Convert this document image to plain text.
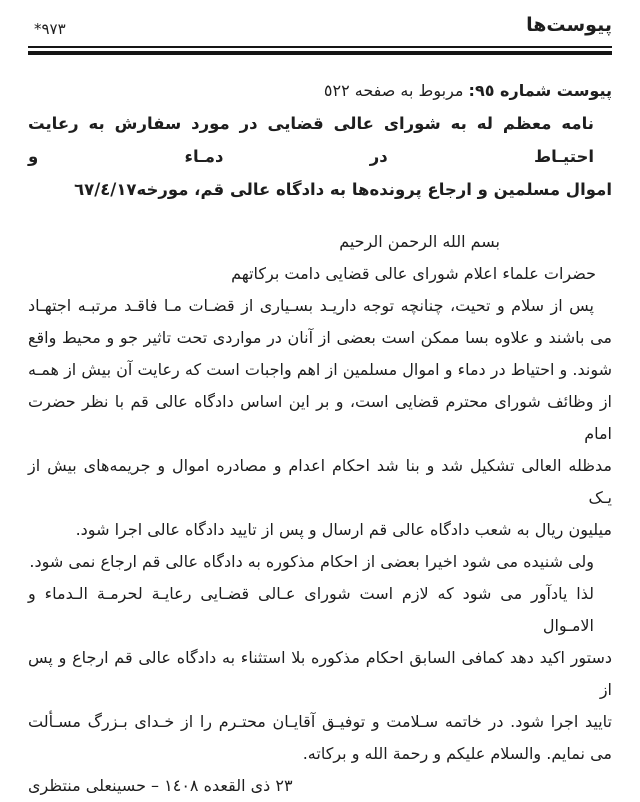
*٩٧٣	پیوست‌ها
پیوست شماره ٩٥: مربوط به صفحه ٥٢٢
نامه معظم له به شورای عالی قضایی در مورد سفارش به رعایت احتیـاط در دمـاء و
اموال مسلمین و ارجاع پرونده‌ها به دادگاه عالی قم، مورخه٦٧/٤/١٧
بسم الله الرحمن الرحیم
حضرات علماء اعلام شورای عالی قضایی دامت برکاتهم
پس از سلام و تحیت، چنانچه توجه داریـد بسـیاری از قضـات مـا فاقـد مرتبـه اجتهـاد
می باشند و علاوه بسا ممکن است بعضی از آنان در مواردی تحت تاثیر جو و محیط واقع
شوند. و احتیاط در دماء و اموال مسلمین از اهم واجبات است که رعایت آن بیش از همـه
از وظائف شورای محترم قضایی است، و بر این اساس دادگاه عالی قم با نظر حضرت امام
مدظله العالی تشکیل شد و بنا شد احکام اعدام و مصادره اموال و جریمه‌های بیش از یـک
میلیون ریال به شعب دادگاه عالی قم ارسال و پس از تایید دادگاه عالی اجرا شود.
ولی شنیده می شود اخیرا بعضی از احکام مذکوره به دادگاه عالی قم ارجاع نمی شود.
لذا یادآور می شود که لازم است شورای عـالی قضـایی رعایـة لحرمـة الـدماء و الامـوال
دستور اکید دهد کمافی السابق احکام مذکوره بلا استثناء به دادگاه عالی قم ارجاع و پس از
تایید اجرا شود. در خاتمه سـلامت و توفیـق آقایـان محتـرم را از خـدای بـزرگ مسـألت
می نمایم. والسلام علیکم و رحمة الله و برکاته.
٢٣ ذی القعده ١٤٠٨ – حسینعلی منتظری
